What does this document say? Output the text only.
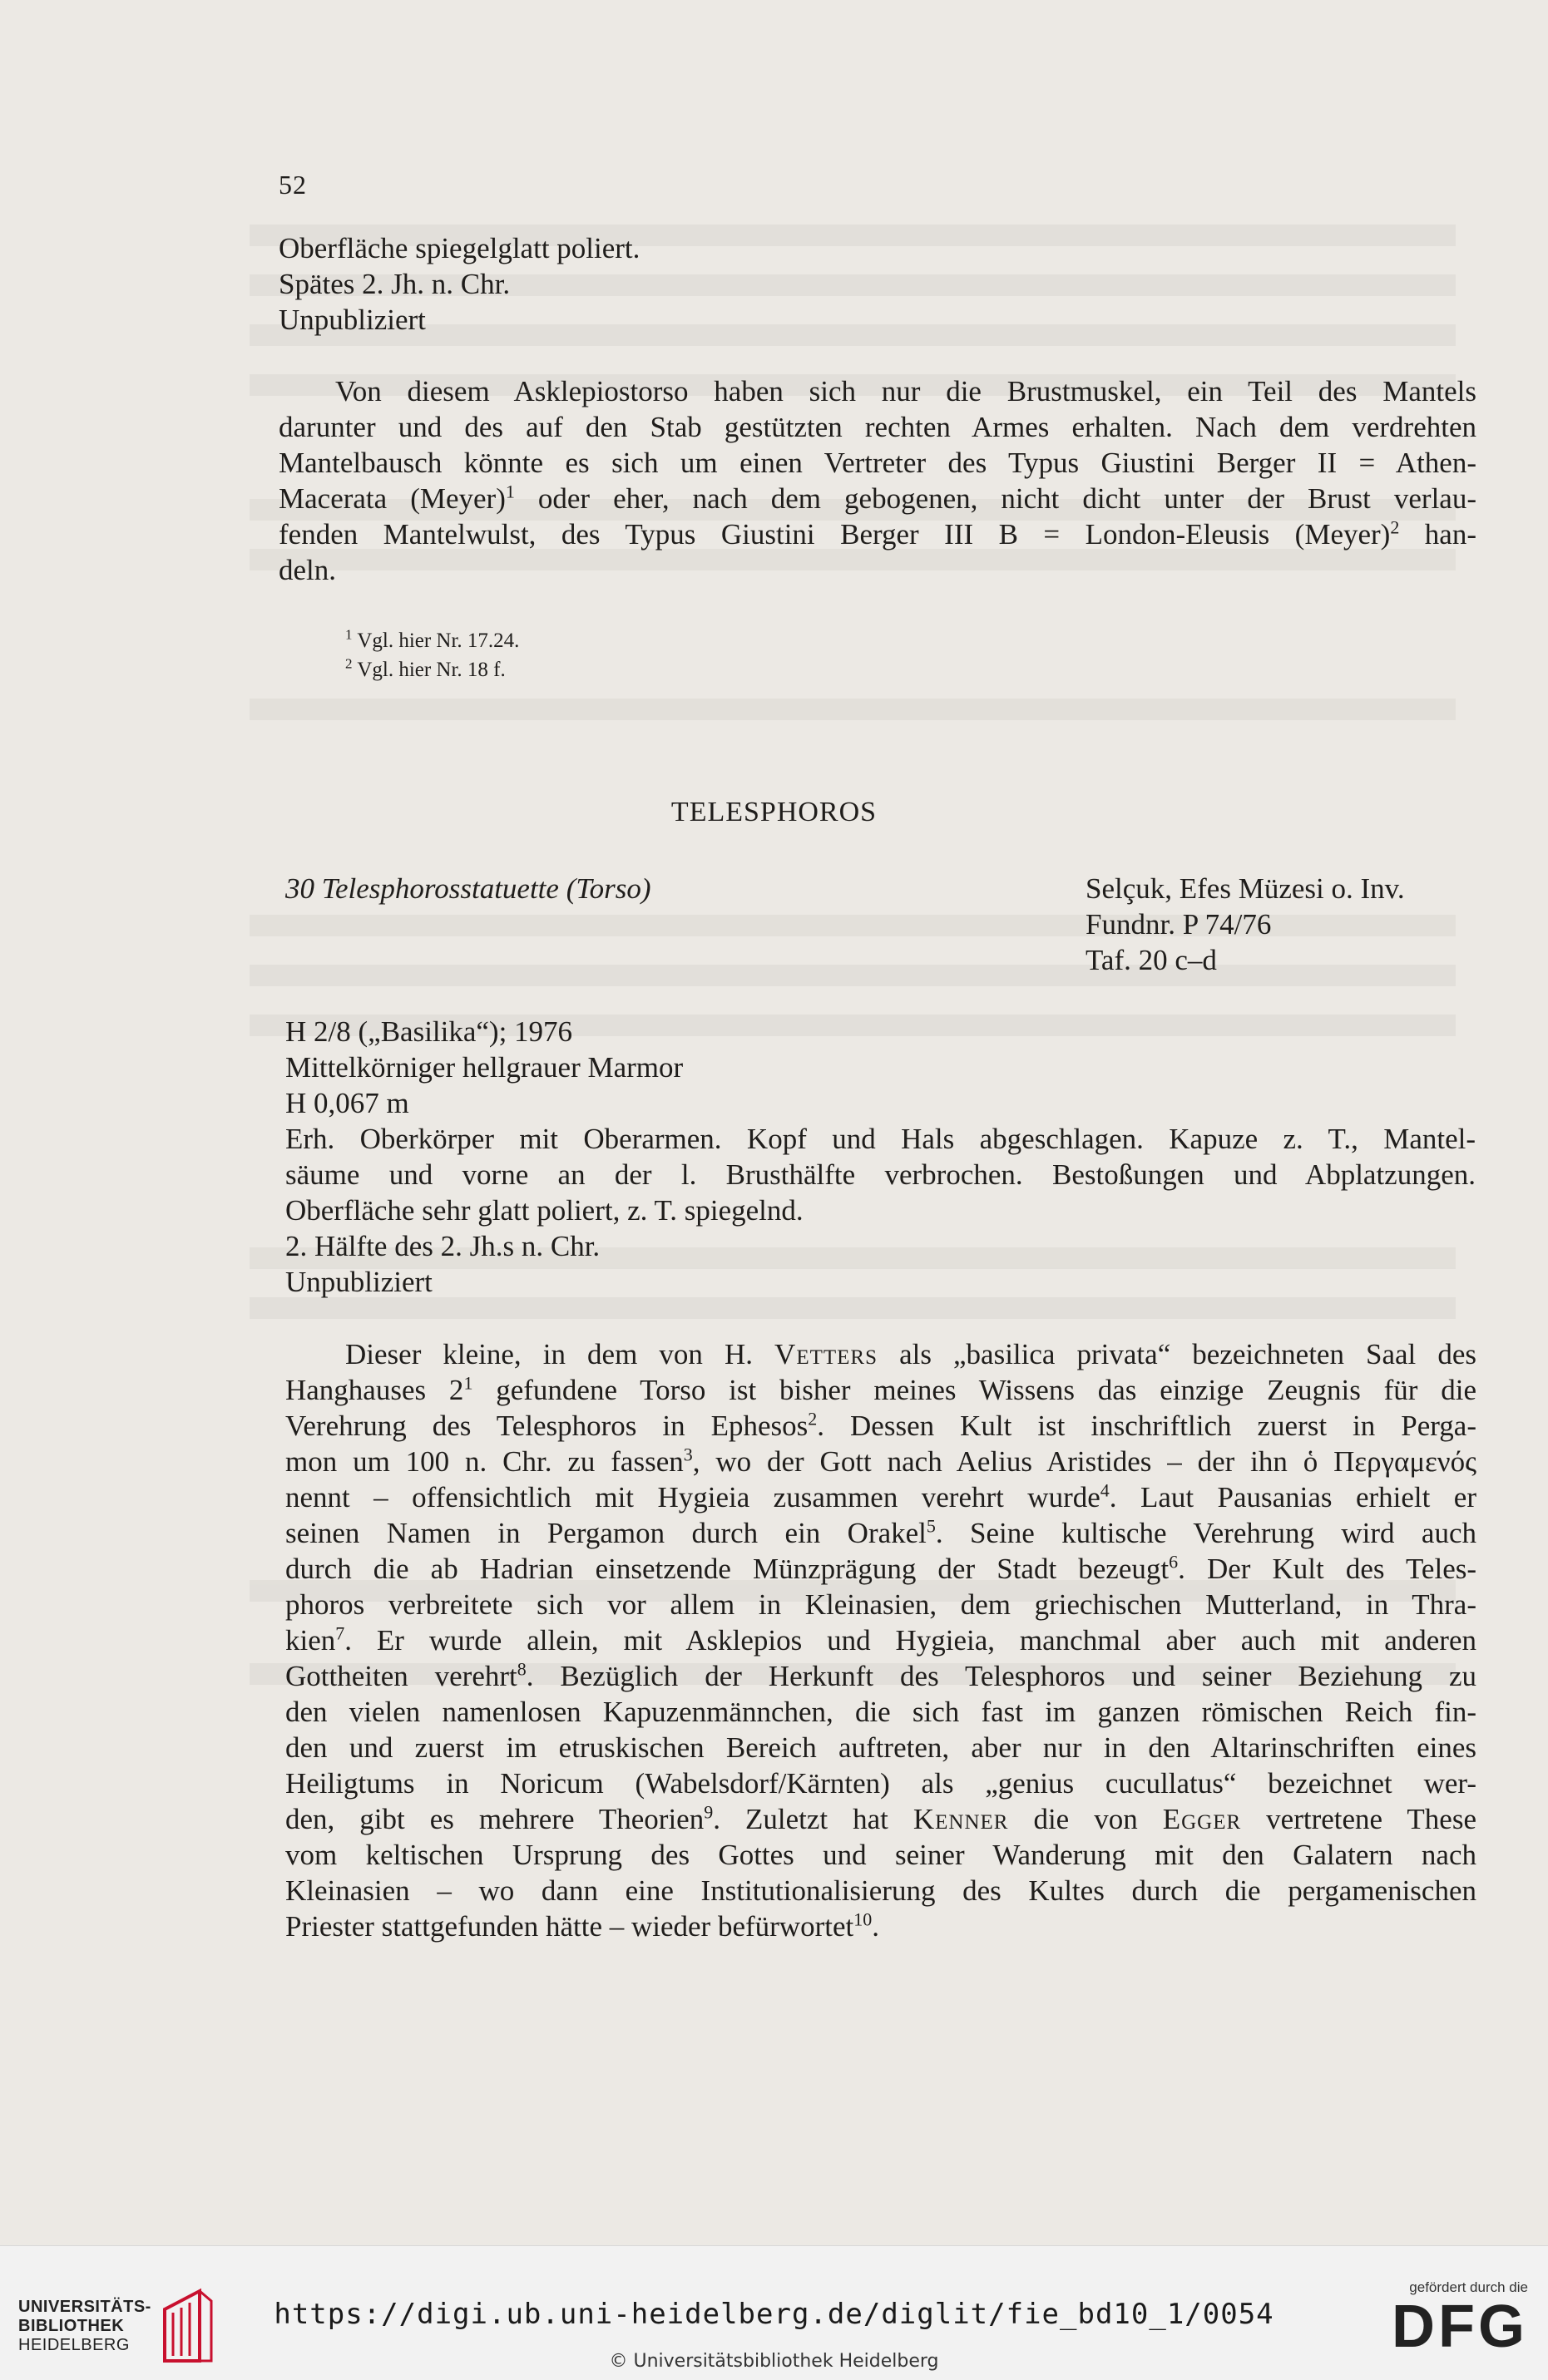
52
Oberfläche spiegelglatt poliert.
Spätes 2. Jh. n. Chr.
Unpubliziert
Von diesem Asklepiostorso haben sich nur die Brustmuskel, ein Teil des Mantels
darunter und des auf den Stab gestützten rechten Armes erhalten. Nach dem verdrehten
Mantelbausch könnte es sich um einen Vertreter des Typus Giustini Berger II = Athen-
Macerata (Meyer)$^1$ oder eher, nach dem gebogenen, nicht dicht unter der Brust verlau-
fenden Mantelwulst, des Typus Giustini Berger III B = London-Eleusis (Meyer)$^2$ han-
deln.
$^1$ Vgl. hier Nr. 17.24.
$^2$ Vgl. hier Nr. 18 f.
TELESPHOROS
30 Telesphorosstatuette (Torso)	Selçuk, Efes Müzesi o. Inv.
Fundnr. P 74/76
Taf. 20 c–d
H 2/8 („Basilika“); 1976
Mittelkörniger hellgrauer Marmor
H 0,067 m
Erh. Oberkörper mit Oberarmen. Kopf und Hals abgeschlagen. Kapuze z. T., Mantel-
säume und vorne an der l. Brusthälfte verbrochen. Bestoßungen und Abplatzungen.
Oberfläche sehr glatt poliert, z. T. spiegelnd.
2. Hälfte des 2. Jh.s n. Chr.
Unpubliziert
Dieser kleine, in dem von H. Vetters als „basilica privata“ bezeichneten Saal des
Hanghauses $2^1$ gefundene Torso ist bisher meines Wissens das einzige Zeugnis für die
Verehrung des Telesphoros in Ephesos$^2$. Dessen Kult ist inschriftlich zuerst in Perga-
mon um 100 n. Chr. zu fassen$^3$, wo der Gott nach Aelius Aristides – der ihn ὁ Περγαμενός
nennt – offensichtlich mit Hygieia zusammen verehrt wurde$^4$. Laut Pausanias erhielt er
seinen Namen in Pergamon durch ein Orakel$^5$. Seine kultische Verehrung wird auch
durch die ab Hadrian einsetzende Münzprägung der Stadt bezeugt$^6$. Der Kult des Teles-
phoros verbreitete sich vor allem in Kleinasien, dem griechischen Mutterland, in Thra-
kien$^7$. Er wurde allein, mit Asklepios und Hygieia, manchmal aber auch mit anderen
Gottheiten verehrt$^8$. Bezüglich der Herkunft des Telesphoros und seiner Beziehung zu
den vielen namenlosen Kapuzenmännchen, die sich fast im ganzen römischen Reich fin-
den und zuerst im etruskischen Bereich auftreten, aber nur in den Altarinschriften eines
Heiligtums in Noricum (Wabelsdorf/Kärnten) als „genius cucullatus“ bezeichnet wer-
den, gibt es mehrere Theorien$^9$. Zuletzt hat Kenner die von Egger vertretene These
vom keltischen Ursprung des Gottes und seiner Wanderung mit den Galatern nach
Kleinasien – wo dann eine Institutionalisierung des Kultes durch die pergamenischen
Priester stattgefunden hätte – wieder befürwortet$^{10}$.
UNIVERSITÄTS-
BIBLIOTHEK
HEIDELBERG
https://digi.ub.uni-heidelberg.de/diglit/fie_bd10_1/0054
© Universitätsbibliothek Heidelberg
gefördert durch die
DFG
